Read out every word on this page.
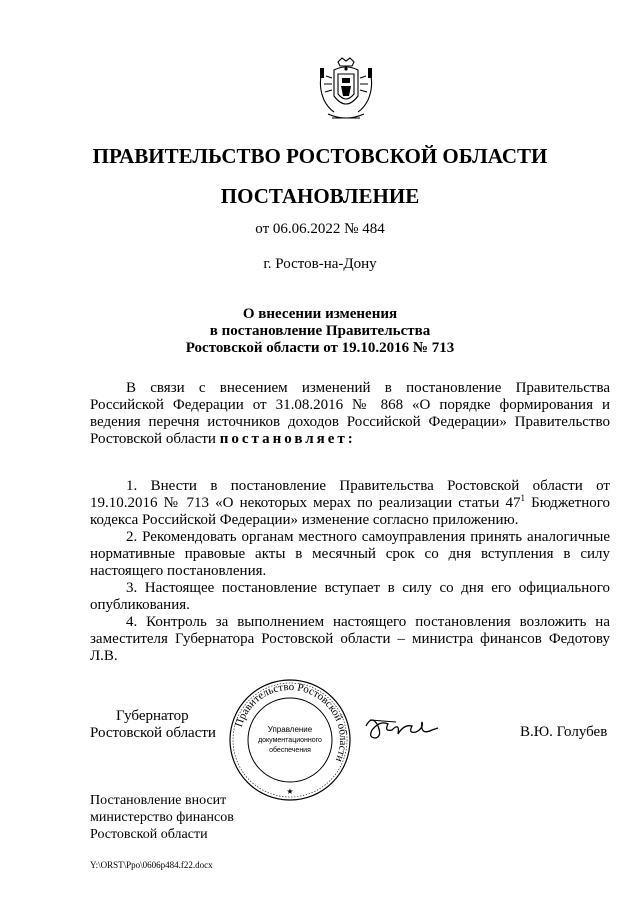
ПРАВИТЕЛЬСТВО РОСТОВСКОЙ ОБЛАСТИ
ПОСТАНОВЛЕНИЕ
от 06.06.2022 № 484
г. Ростов-на-Дону
О внесении изменения
в постановление Правительства
Ростовской области от 19.10.2016 № 713

В связи с внесением изменений в постановление Правительства Российской Федерации от 31.08.2016 № 868 «О порядке формирования и ведения перечня источников доходов Российской Федерации» Правительство Ростовской области постановляет:

1. Внести в постановление Правительства Ростовской области от 19.10.2016 № 713 «О некоторых мерах по реализации статьи $47^1$ Бюджетного кодекса Российской Федерации» изменение согласно приложению.

2. Рекомендовать органам местного самоуправления принять аналогичные нормативные правовые акты в месячный срок со дня вступления в силу настоящего постановления.

3. Настоящее постановление вступает в силу со дня его официального опубликования.

4. Контроль за выполнением настоящего постановления возложить на заместителя Губернатора Ростовской области – министра финансов Федотову Л.В.

Губернатор
Ростовской области
Правительство Ростовской области
Управление
документационного
обеспечения
★
В.Ю. Голубев
Постановление вносит
министерство финансов
Ростовской области
Y:\ORST\Ppo\0606p484.f22.docx
